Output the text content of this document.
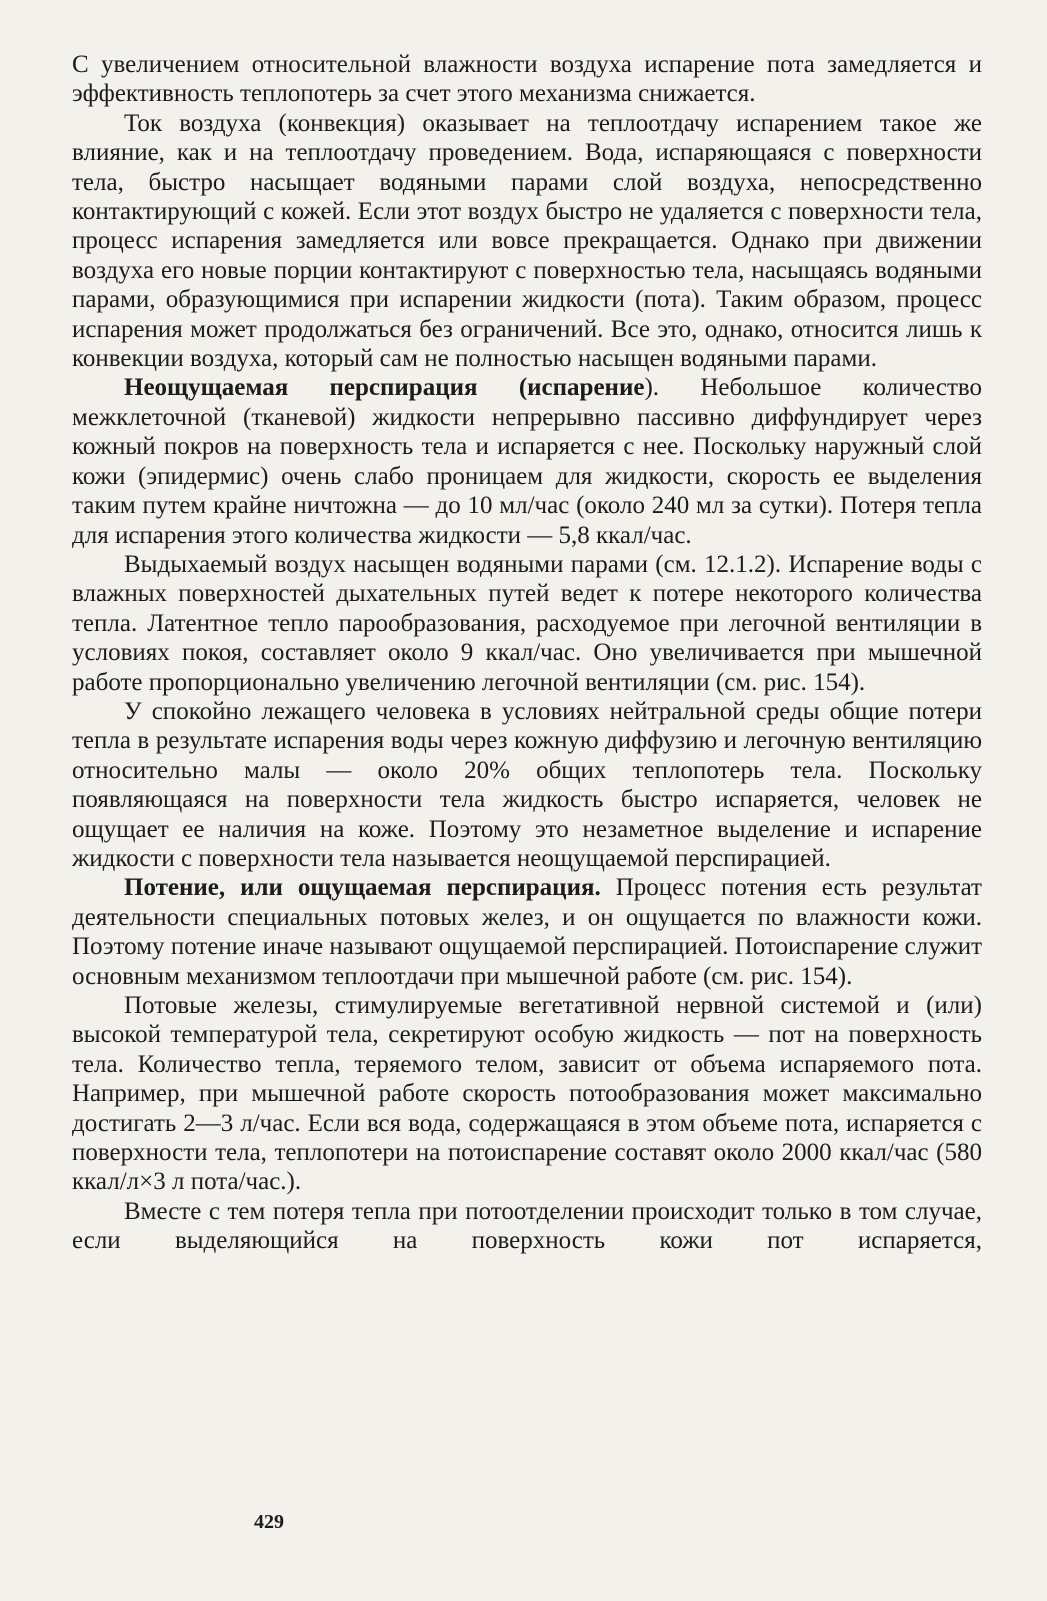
С увеличением относительной влажности воздуха испарение пота замедляется и эффективность теплопотерь за счет этого механизма снижается.

Ток воздуха (конвекция) оказывает на теплоотдачу испарением такое же влияние, как и на теплоотдачу проведением. Вода, испаряющаяся с поверхности тела, быстро насыщает водяными парами слой воздуха, непосредственно контактирующий с кожей. Если этот воздух быстро не удаляется с поверхности тела, процесс испарения замедляется или вовсе прекращается. Однако при движении воздуха его новые порции контактируют с поверхностью тела, насыщаясь водяными парами, образующимися при испарении жидкости (пота). Таким образом, процесс испарения может продолжаться без ограничений. Все это, однако, относится лишь к конвекции воздуха, который сам не полностью насыщен водяными парами.

Неощущаемая перспирация (испарение). Небольшое количество межклеточной (тканевой) жидкости непрерывно пассивно диффундирует через кожный покров на поверхность тела и испаряется с нее. Поскольку наружный слой кожи (эпидермис) очень слабо проницаем для жидкости, скорость ее выделения таким путем крайне ничтожна — до 10 мл/час (около 240 мл за сутки). Потеря тепла для испарения этого количества жидкости — 5,8 ккал/час.

Выдыхаемый воздух насыщен водяными парами (см. 12.1.2). Испарение воды с влажных поверхностей дыхательных путей ведет к потере некоторого количества тепла. Латентное тепло парообразования, расходуемое при легочной вентиляции в условиях покоя, составляет около 9 ккал/час. Оно увеличивается при мышечной работе пропорционально увеличению легочной вентиляции (см. рис. 154).

У спокойно лежащего человека в условиях нейтральной среды общие потери тепла в результате испарения воды через кожную диффузию и легочную вентиляцию относительно малы — около 20% общих теплопотерь тела. Поскольку появляющаяся на поверхности тела жидкость быстро испаряется, человек не ощущает ее наличия на коже. Поэтому это незаметное выделение и испарение жидкости с поверхности тела называется неощущаемой перспирацией.

Потение, или ощущаемая перспирация. Процесс потения есть результат деятельности специальных потовых желез, и он ощущается по влажности кожи. Поэтому потение иначе называют ощущаемой перспирацией. Потоиспарение служит основным механизмом теплоотдачи при мышечной работе (см. рис. 154).

Потовые железы, стимулируемые вегетативной нервной системой и (или) высокой температурой тела, секретируют особую жидкость — пот на поверхность тела. Количество тепла, теряемого телом, зависит от объема испаряемого пота. Например, при мышечной работе скорость потообразования может максимально достигать 2—3 л/час. Если вся вода, содержащаяся в этом объеме пота, испаряется с поверхности тела, теплопотери на потоиспарение составят около 2000 ккал/час (580 ккал/л×3 л пота/час.).

Вместе с тем потеря тепла при потоотделении происходит только в том случае, если выделяющийся на поверхность кожи пот испаряется,

429
